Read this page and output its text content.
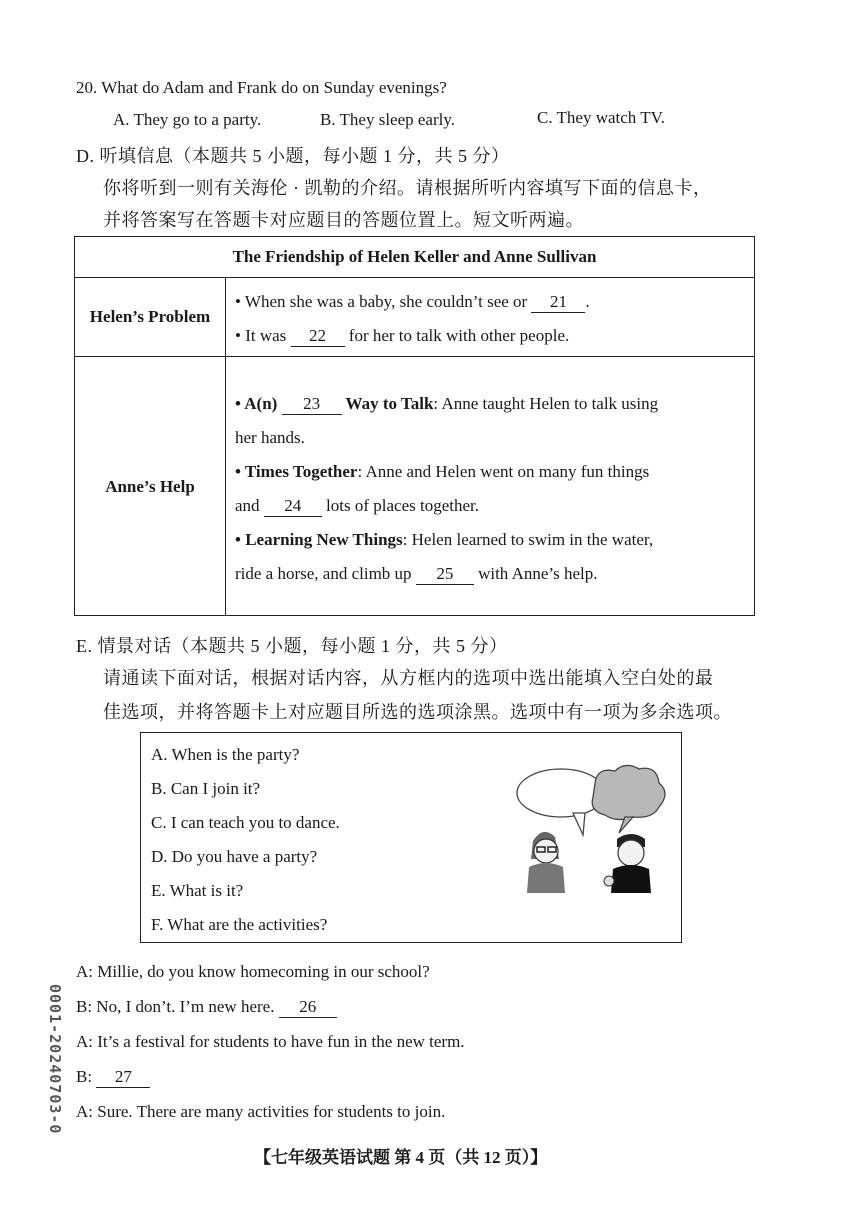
20. What do Adam and Frank do on Sunday evenings?
A. They go to a party.	B. They sleep early.	C. They watch TV.
D. 听填信息（本题共 5 小题，每小题 1 分，共 5 分）
你将听到一则有关海伦 · 凯勒的介绍。请根据所听内容填写下面的信息卡，
并将答案写在答题卡对应题目的答题位置上。短文听两遍。
The Friendship of Helen Keller and Anne Sullivan
Helen’s Problem
• When she was a baby, she couldn’t see or 21 .
• It was 22 for her to talk with other people.
Anne’s Help
• A(n) 23 Way to Talk: Anne taught Helen to talk using
her hands.
• Times Together: Anne and Helen went on many fun things
and 24 lots of places together.
• Learning New Things: Helen learned to swim in the water,
ride a horse, and climb up 25 with Anne’s help.
E. 情景对话（本题共 5 小题，每小题 1 分，共 5 分）
请通读下面对话，根据对话内容，从方框内的选项中选出能填入空白处的最
佳选项，并将答题卡上对应题目所选的选项涂黑。选项中有一项为多余选项。
A. When is the party?
B. Can I join it?
C. I can teach you to dance.
D. Do you have a party?
E. What is it?
F. What are the activities?
A: Millie, do you know homecoming in our school?
B: No, I don’t. I’m new here. 26
A: It’s a festival for students to have fun in the new term.
B: 27
A: Sure. There are many activities for students to join.
【七年级英语试题 第 4 页（共 12 页）】
0001-20240703-0
